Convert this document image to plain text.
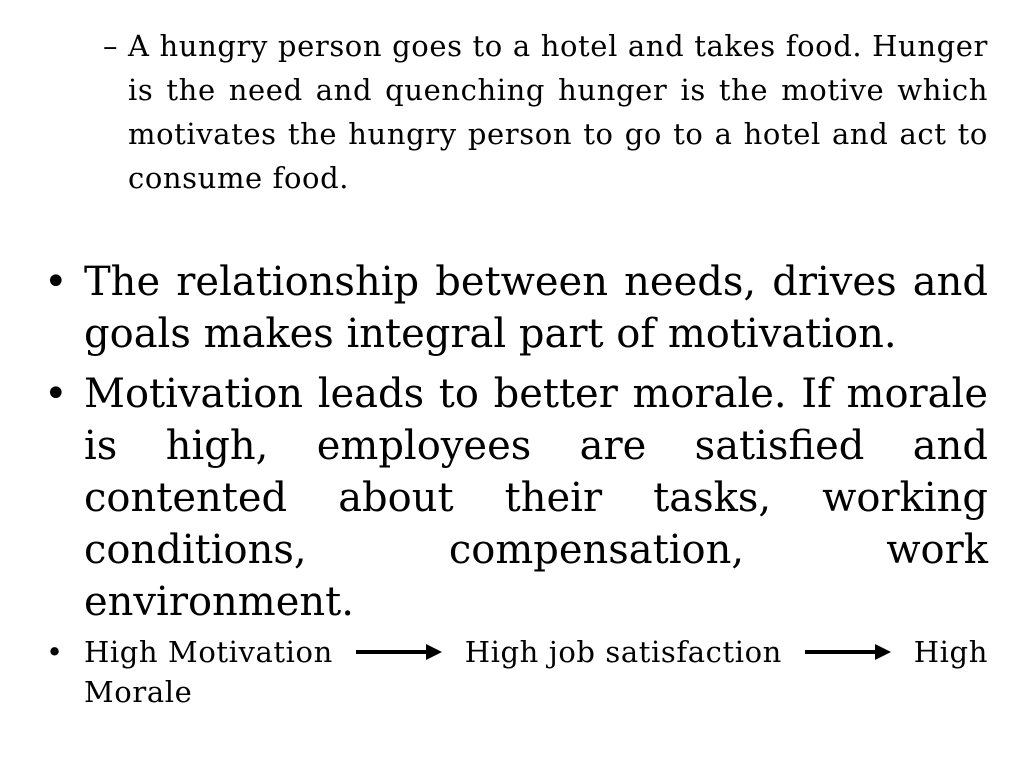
– A hungry person goes to a hotel and takes food. Hunger is the need and quenching hunger is the motive which motivates the hungry person to go to a hotel and act to consume food.
• The relationship between needs, drives and goals makes integral part of motivation.
• Motivation leads to better morale. If morale is high, employees are satisfied and contented about their tasks, working conditions, compensation, work environment.
• High Motivation	High job satisfaction	High
Morale
